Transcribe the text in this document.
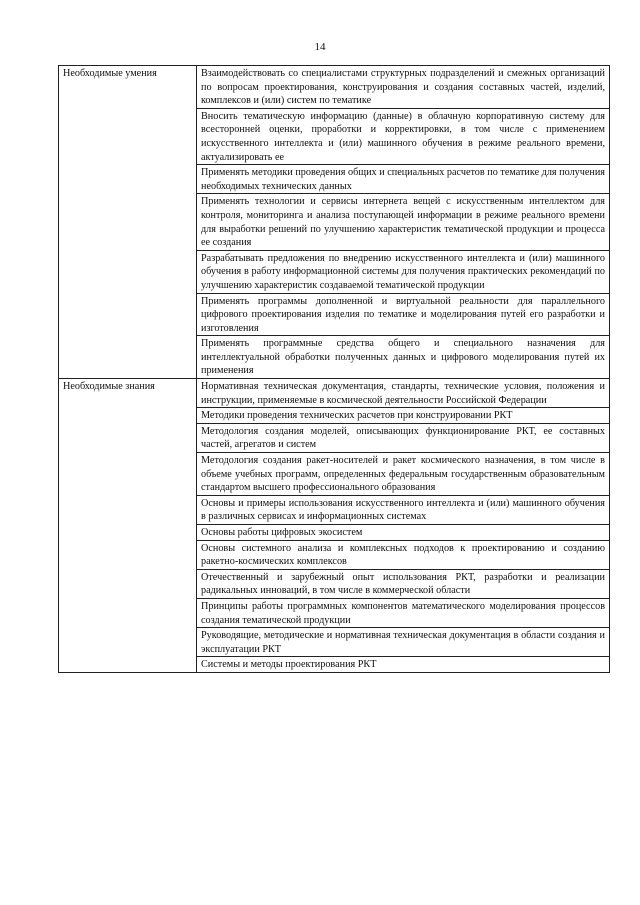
14
Необходимые умения	Взаимодействовать со специалистами структурных подразделений и смежных организаций по вопросам проектирования, конструирования и создания составных частей, изделий, комплексов и (или) систем по тематике
	Вносить тематическую информацию (данные) в облачную корпоративную систему для всесторонней оценки, проработки и корректировки, в том числе с применением искусственного интеллекта и (или) машинного обучения в режиме реального времени, актуализировать ее
	Применять методики проведения общих и специальных расчетов по тематике для получения необходимых технических данных
	Применять технологии и сервисы интернета вещей с искусственным интеллектом для контроля, мониторинга и анализа поступающей информации в режиме реального времени для выработки решений по улучшению характеристик тематической продукции и процесса ее создания
	Разрабатывать предложения по внедрению искусственного интеллекта и (или) машинного обучения в работу информационной системы для получения практических рекомендаций по улучшению характеристик создаваемой тематической продукции
	Применять программы дополненной и виртуальной реальности для параллельного цифрового проектирования изделия по тематике и моделирования путей его разработки и изготовления
	Применять программные средства общего и специального назначения для интеллектуальной обработки полученных данных и цифрового моделирования путей их применения
Необходимые знания	Нормативная техническая документация, стандарты, технические условия, положения и инструкции, применяемые в космической деятельности Российской Федерации
	Методики проведения технических расчетов при конструировании РКТ
	Методология создания моделей, описывающих функционирование РКТ, ее составных частей, агрегатов и систем
	Методология создания ракет-носителей и ракет космического назначения, в том числе в объеме учебных программ, определенных федеральным государственным образовательным стандартом высшего профессионального образования
	Основы и примеры использования искусственного интеллекта и (или) машинного обучения в различных сервисах и информационных системах
	Основы работы цифровых экосистем
	Основы системного анализа и комплексных подходов к проектированию и созданию ракетно-космических комплексов
	Отечественный и зарубежный опыт использования РКТ, разработки и реализации радикальных инноваций, в том числе в коммерческой области
	Принципы работы программных компонентов математического моделирования процессов создания тематической продукции
	Руководящие, методические и нормативная техническая документация в области создания и эксплуатации РКТ
	Системы и методы проектирования РКТ
